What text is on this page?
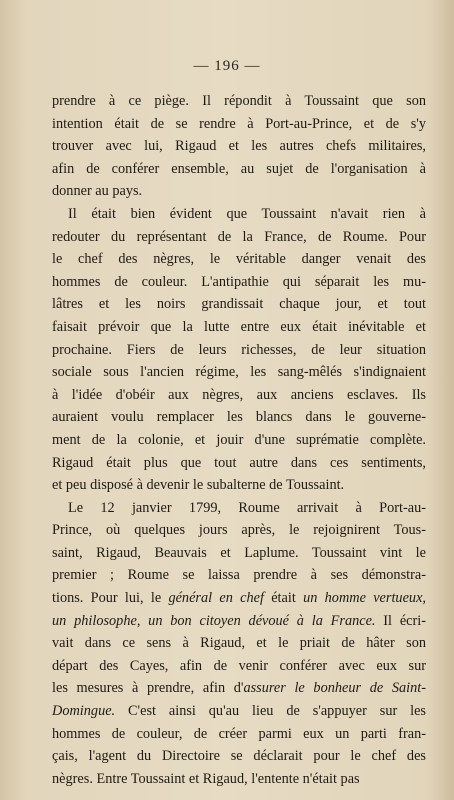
— 196 —

prendre à ce piège. Il répondit à Toussaint que son
intention était de se rendre à Port-au-Prince, et de s'y
trouver avec lui, Rigaud et les autres chefs militaires,
afin de conférer ensemble, au sujet de l'organisation à
donner au pays.

Il était bien évident que Toussaint n'avait rien à
redouter du représentant de la France, de Roume. Pour
le chef des nègres, le véritable danger venait des
hommes de couleur. L'antipathie qui séparait les mu-
lâtres et les noirs grandissait chaque jour, et tout
faisait prévoir que la lutte entre eux était inévitable et
prochaine. Fiers de leurs richesses, de leur situation
sociale sous l'ancien régime, les sang-mêlés s'indignaient
à l'idée d'obéir aux nègres, aux anciens esclaves. Ils
auraient voulu remplacer les blancs dans le gouverne-
ment de la colonie, et jouir d'une suprématie complète.
Rigaud était plus que tout autre dans ces sentiments,
et peu disposé à devenir le subalterne de Toussaint.

Le 12 janvier 1799, Roume arrivait à Port-au-
Prince, où quelques jours après, le rejoignirent Tous-
saint, Rigaud, Beauvais et Laplume. Toussaint vint le
premier ; Roume se laissa prendre à ses démonstra-
tions. Pour lui, le général en chef était un homme vertueux,
un philosophe, un bon citoyen dévoué à la France. Il écri-
vait dans ce sens à Rigaud, et le priait de hâter son
départ des Cayes, afin de venir conférer avec eux sur
les mesures à prendre, afin d'assurer le bonheur de Saint-
Domingue. C'est ainsi qu'au lieu de s'appuyer sur les
hommes de couleur, de créer parmi eux un parti fran-
çais, l'agent du Directoire se déclarait pour le chef des
nègres. Entre Toussaint et Rigaud, l'entente n'était pas
